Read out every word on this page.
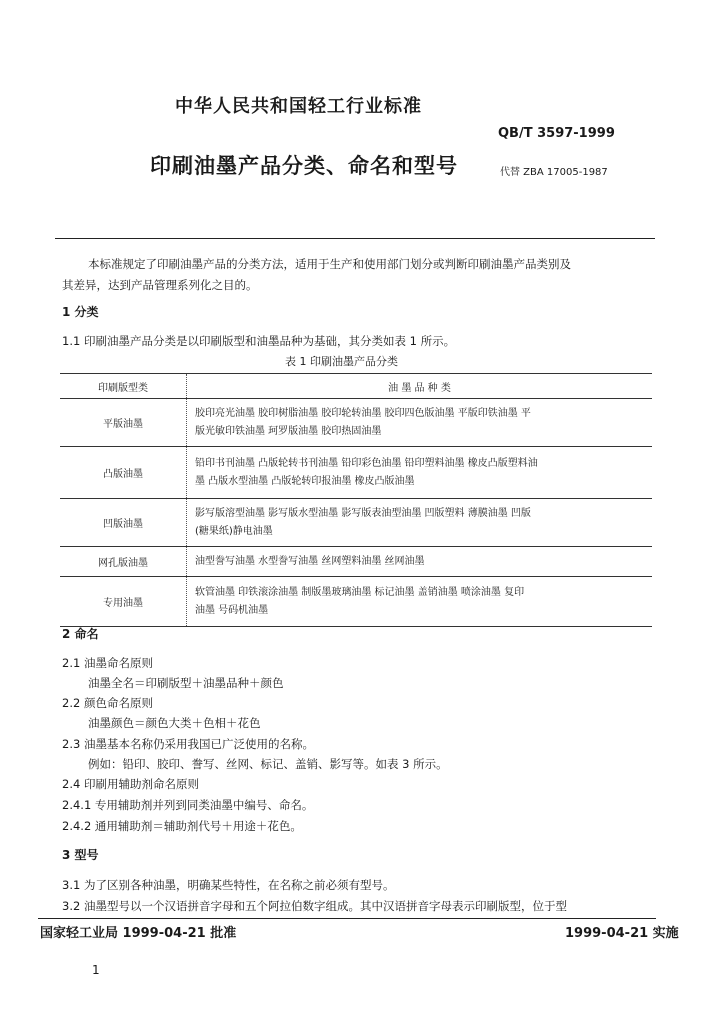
中华人民共和国轻工行业标准
QB/T 3597-1999
印刷油墨产品分类、命名和型号	代替 ZBA 17005-1987
本标准规定了印刷油墨产品的分类方法，适用于生产和使用部门划分或判断印刷油墨产品类别及
其差异，达到产品管理系列化之目的。
1 分类
1.1 印刷油墨产品分类是以印刷版型和油墨品种为基础，其分类如表 1 所示。
表 1 印刷油墨产品分类
印刷版型类	油 墨 品 种 类
平版油墨	胶印亮光油墨 胶印树脂油墨 胶印轮转油墨 胶印四色版油墨 平版印铁油墨 平
版光敏印铁油墨 珂罗版油墨 胶印热固油墨

凸版油墨	铅印书刊油墨 凸版轮转书刊油墨 铅印彩色油墨 铅印塑料油墨 橡皮凸版塑料油
墨 凸版水型油墨 凸版轮转印报油墨 橡皮凸版油墨

凹版油墨	影写版溶型油墨 影写版水型油墨 影写版表油型油墨 凹版塑料 薄膜油墨 凹版
(糖果纸)静电油墨

网孔版油墨	油型誊写油墨 水型誊写油墨 丝网塑料油墨 丝网油墨

专用油墨	软管油墨 印铁滚涂油墨 制版墨玻璃油墨 标记油墨 盖销油墨 喷涂油墨 复印
油墨 号码机油墨
2 命名
2.1 油墨命名原则
油墨全名＝印刷版型＋油墨品种＋颜色
2.2 颜色命名原则
油墨颜色＝颜色大类＋色相＋花色
2.3 油墨基本名称仍采用我国已广泛使用的名称。
例如：铅印、胶印、誊写、丝网、标记、盖销、影写等。如表 3 所示。
2.4 印刷用辅助剂命名原则
2.4.1 专用辅助剂并列到同类油墨中编号、命名。
2.4.2 通用辅助剂＝辅助剂代号＋用途＋花色。
3 型号
3.1 为了区别各种油墨，明确某些特性，在名称之前必须有型号。
3.2 油墨型号以一个汉语拼音字母和五个阿拉伯数字组成。其中汉语拼音字母表示印刷版型，位于型
国家轻工业局 1999-04-21 批准	1999-04-21 实施
1
